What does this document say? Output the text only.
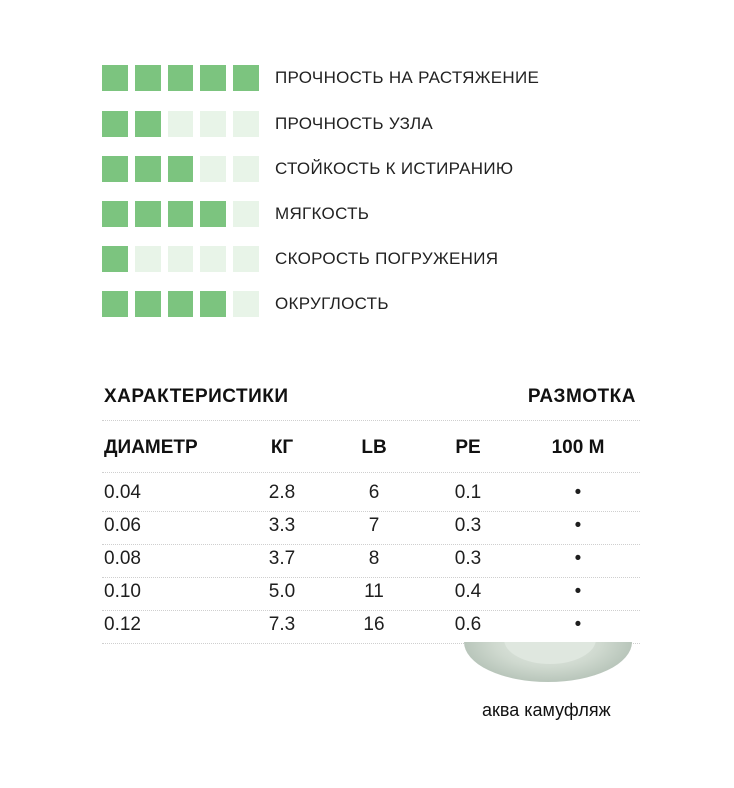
ПРОЧНОСТЬ НА РАСТЯЖЕНИЕ
ПРОЧНОСТЬ УЗЛА
СТОЙКОСТЬ К ИСТИРАНИЮ
МЯГКОСТЬ
СКОРОСТЬ ПОГРУЖЕНИЯ
ОКРУГЛОСТЬ
ХАРАКТЕРИСТИКИ	РАЗМОТКА
ДИАМЕТР	КГ	LB	PE	100 M
0.04	2.8	6	0.1	•
0.06	3.3	7	0.3	•
0.08	3.7	8	0.3	•
0.10	5.0	11	0.4	•
0.12	7.3	16	0.6	•
аква камуфляж
